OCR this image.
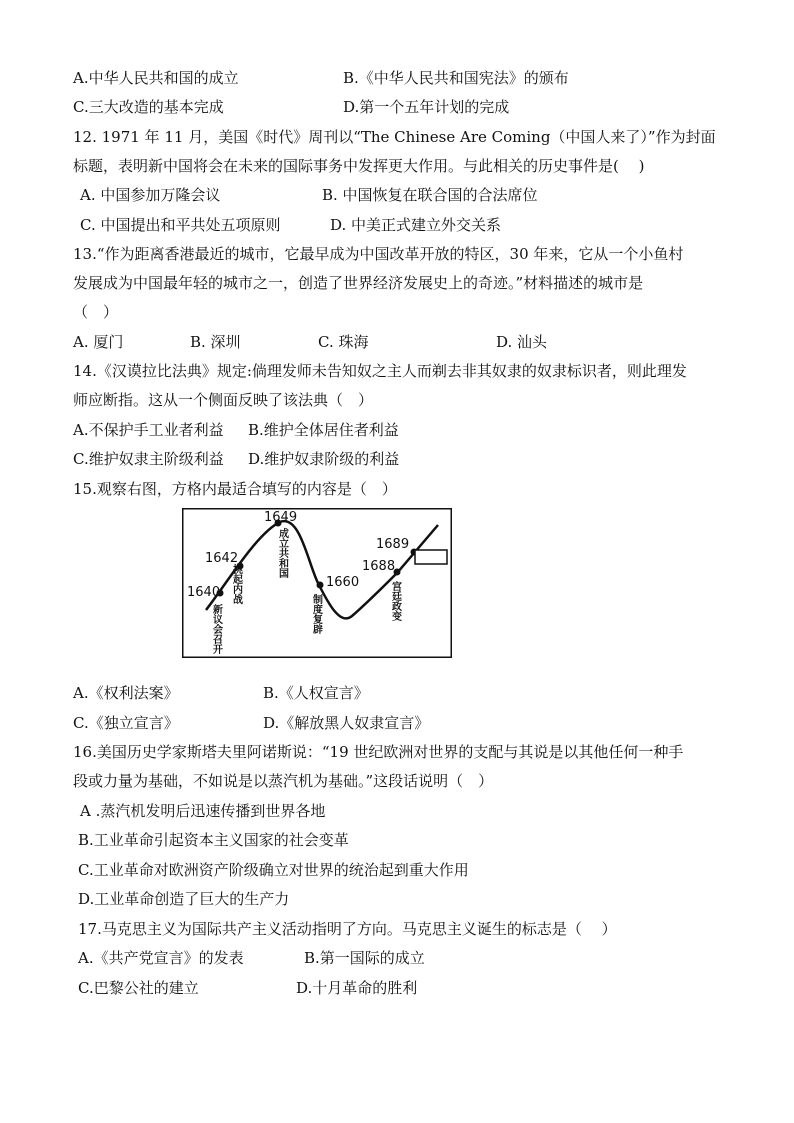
A.中华人民共和国的成立	B.《中华人民共和国宪法》的颁布
C.三大改造的基本完成	D.第一个五年计划的完成
12. 1971 年 11 月，美国《时代》周刊以“The Chinese Are Coming（中国人来了）”作为封面
标题，表明新中国将会在未来的国际事务中发挥更大作用。与此相关的历史事件是(　 )
A. 中国参加万隆会议	B. 中国恢复在联合国的合法席位
C. 中国提出和平共处五项原则	D. 中美正式建立外交关系
13.“作为距离香港最近的城市，它最早成为中国改革开放的特区，30 年来，它从一个小鱼村
发展成为中国最年轻的城市之一，创造了世界经济发展史上的奇迹。”材料描述的城市是
（　）
A. 厦门	B. 深圳	C. 珠海	D. 汕头
14.《汉谟拉比法典》规定:倘理发师未告知奴之主人而剃去非其奴隶的奴隶标识者，则此理发
师应断指。这从一个侧面反映了该法典（　）
A.不保护手工业者利益 B.维护全体居住者利益
C.维护奴隶主阶级利益 D.维护奴隶阶级的利益
15.观察右图，方格内最适合填写的内容是（　）
1640
1642
1649
1660
1688
1689
新议会召开
挑起内战
成立共和国
制度复辟	宫廷政变
A.《权利法案》	B.《人权宣言》
C.《独立宣言》	D.《解放黑人奴隶宣言》
16.美国历史学家斯塔夫里阿诺斯说：“19 世纪欧洲对世界的支配与其说是以其他任何一种手
段或力量为基础，不如说是以蒸汽机为基础。”这段话说明（　）
A .蒸汽机发明后迅速传播到世界各地
B.工业革命引起资本主义国家的社会变革
C.工业革命对欧洲资产阶级确立对世界的统治起到重大作用
D.工业革命创造了巨大的生产力
17.马克思主义为国际共产主义活动指明了方向。马克思主义诞生的标志是（　 ）
A.《共产党宣言》的发表	B.第一国际的成立
C.巴黎公社的建立	D.十月革命的胜利
